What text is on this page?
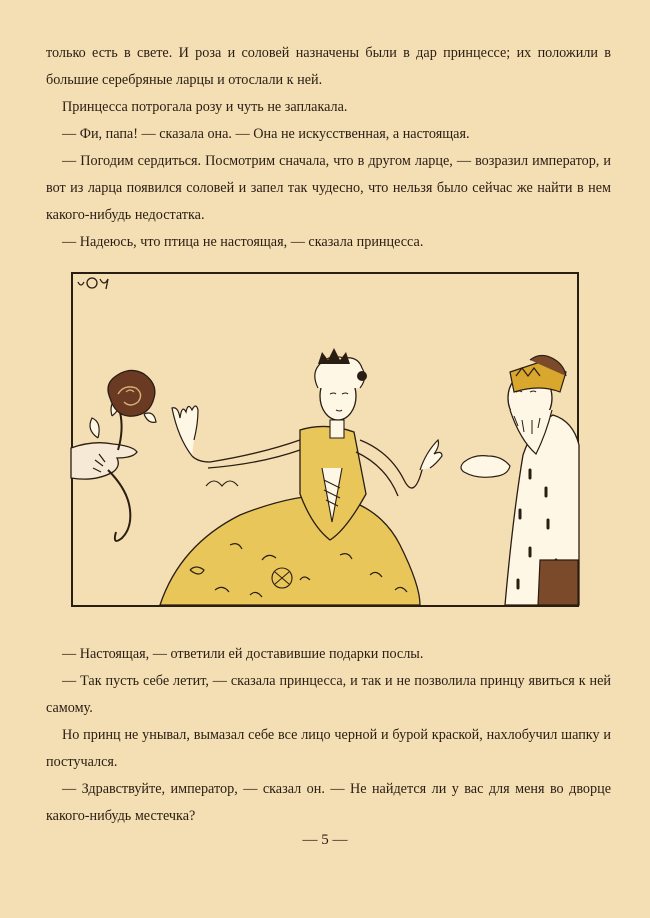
только есть в свете. И роза и соловей назначены были в дар принцессе; их положили в большие серебряные ларцы и отослали к ней.

Принцесса потрогала розу и чуть не заплакала.

— Фи, папа! — сказала она. — Она не искусственная, а настоящая.

— Погодим сердиться. Посмотрим сначала, что в другом ларце, — возразил император, и вот из ларца появился соловей и запел так чудесно, что нельзя было сейчас же найти в нем какого-нибудь недостатка.

— Надеюсь, что птица не настоящая, — сказала принцесса.

— Настоящая, — ответили ей доставившие подарки послы.

— Так пусть себе летит, — сказала принцесса, и так и не позволила принцу явиться к ней самому.

Но принц не унывал, вымазал себе все лицо черной и бурой краской, нахлобучил шапку и постучался.

— Здравствуйте, император, — сказал он. — Не найдется ли у вас для меня во дворце какого-нибудь местечка?

— 5 —
